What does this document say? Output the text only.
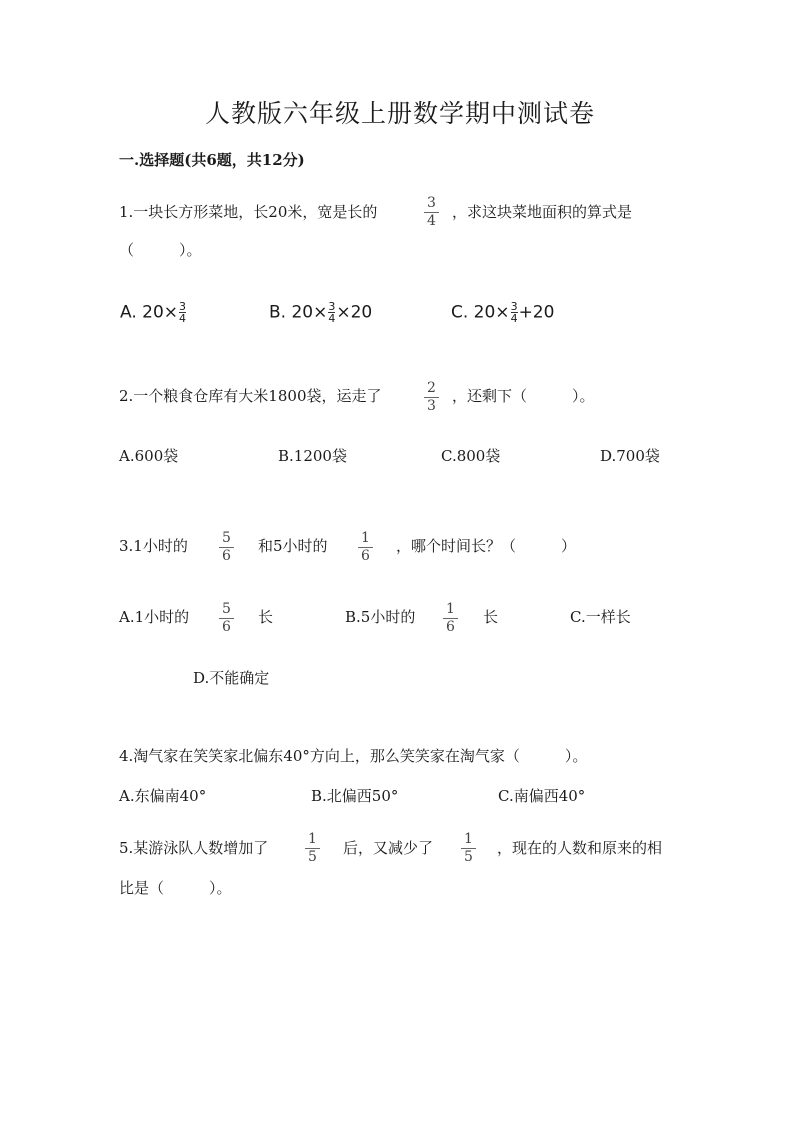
人教版六年级上册数学期中测试卷
一.选择题(共6题，共12分)
1.一块长方形菜地，长20米，宽是长的	$\frac{3}{4}$ ，求这块菜地面积的算式是
（　　　）。
A. $20\times \frac{3}{4}$	B. $20\times \frac{3}{4} \times 20$	C. $20\times \frac{3}{4} +20$
2.一个粮食仓库有大米1800袋，运走了	$\frac{2}{3}$ ，还剩下（　　　）。
A.600袋	B.1200袋	C.800袋	D.700袋
3.1小时的 $\frac{5}{6}$ 和5小时的 $\frac{1}{6}$ ，哪个时间长？（　　　）
A.1小时的 $\frac{5}{6}$ 长	B.5小时的 $\frac{1}{6}$ 长	C.一样长
D.不能确定
4.淘气家在笑笑家北偏东40°方向上，那么笑笑家在淘气家（　　　）。
A.东偏南40°	B.北偏西50°	C.南偏西40°
5.某游泳队人数增加了	$\frac{1}{5}$ 后，又减少了 $\frac{1}{5}$ ，现在的人数和原来的相
比是（　　　）。
